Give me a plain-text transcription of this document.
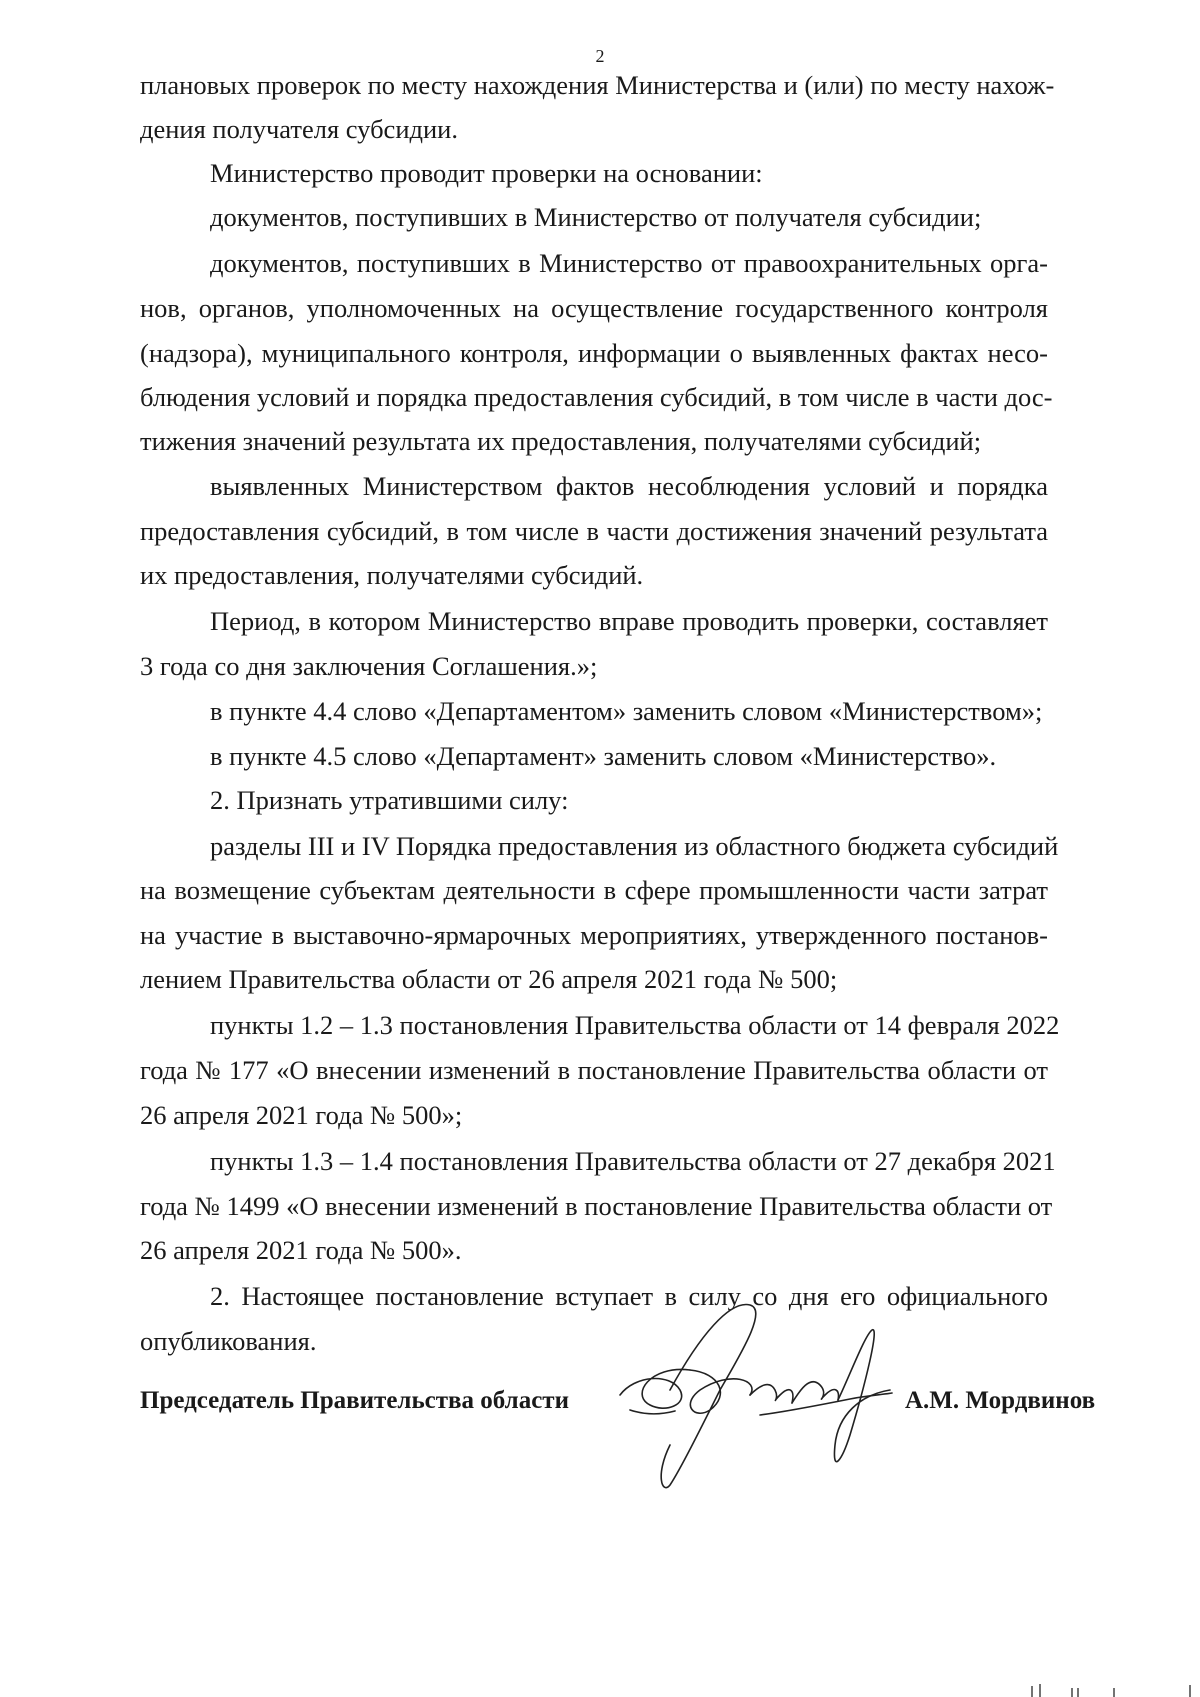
2
плановых проверок по месту нахождения Министерства и (или) по месту нахож-
дения получателя субсидии.
Министерство проводит проверки на основании:
документов, поступивших в Министерство от получателя субсидии;
документов, поступивших в Министерство от правоохранительных орга-
нов, органов, уполномоченных на осуществление государственного контроля
(надзора), муниципального контроля, информации о выявленных фактах несо-
блюдения условий и порядка предоставления субсидий, в том числе в части дос-
тижения значений результата их предоставления, получателями субсидий;
выявленных Министерством фактов несоблюдения условий и порядка
предоставления субсидий, в том числе в части достижения значений результата
их предоставления, получателями субсидий.
Период, в котором Министерство вправе проводить проверки, составляет
3 года со дня заключения Соглашения.»;
в пункте 4.4 слово «Департаментом» заменить словом «Министерством»;
в пункте 4.5 слово «Департамент» заменить словом «Министерство».
2. Признать утратившими силу:
разделы III и IV Порядка предоставления из областного бюджета субсидий
на возмещение субъектам деятельности в сфере промышленности части затрат
на участие в выставочно-ярмарочных мероприятиях, утвержденного постанов-
лением Правительства области от 26 апреля 2021 года № 500;
пункты 1.2 – 1.3 постановления Правительства области от 14 февраля 2022
года № 177 «О внесении изменений в постановление Правительства области от
26 апреля 2021 года № 500»;
пункты 1.3 – 1.4 постановления Правительства области от 27 декабря 2021
года № 1499 «О внесении изменений в постановление Правительства области от
26 апреля 2021 года № 500».
2. Настоящее постановление вступает в силу со дня его официального
опубликования.
Председатель Правительства области	А.М. Мордвинов
